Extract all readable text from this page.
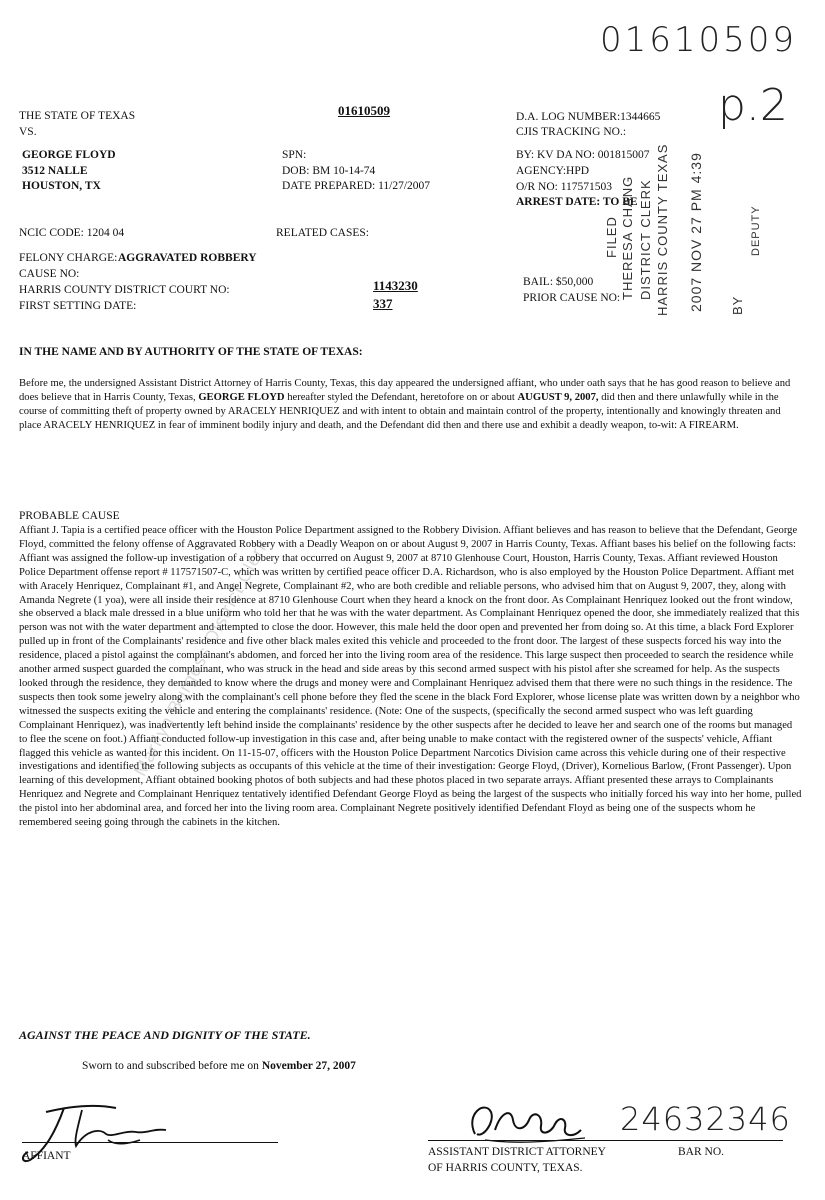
01610509
p.2
THE STATE OF TEXAS
VS.
01610509	D.A. LOG NUMBER:1344665
CJIS TRACKING NO.:
GEORGE FLOYD
3512 NALLE
HOUSTON, TX
SPN:
DOB: BM 10-14-74
DATE PREPARED: 11/27/2007
BY: KV DA NO: 001815007
AGENCY:HPD
O/R NO: 117571503
ARREST DATE: TO BE
NCIC CODE: 1204 04	RELATED CASES:
FELONY CHARGE: AGGRAVATED ROBBERY
CAUSE NO:
HARRIS COUNTY DISTRICT COURT NO:	1143230
FIRST SETTING DATE:	337
BAIL: $50,000
PRIOR CAUSE NO:
FILED THERESA CHANG DISTRICT CLERK HARRIS COUNTY TEXAS 2007 NOV 27 PM 4:39 BY
DEPUTY
Marilyn Burgess District Clerk
IN THE NAME AND BY AUTHORITY OF THE STATE OF TEXAS:
Before me, the undersigned Assistant District Attorney of Harris County, Texas, this day appeared the undersigned affiant, who under oath says that he has good reason to believe and does believe that in Harris County, Texas, GEORGE FLOYD hereafter styled the Defendant, heretofore on or about AUGUST 9, 2007, did then and there unlawfully while in the course of committing theft of property owned by ARACELY HENRIQUEZ and with intent to obtain and maintain control of the property, intentionally and knowingly threaten and place ARACELY HENRIQUEZ in fear of imminent bodily injury and death, and the Defendant did then and there use and exhibit a deadly weapon, to-wit: A FIREARM.
PROBABLE CAUSE
Affiant J. Tapia is a certified peace officer with the Houston Police Department assigned to the Robbery Division. Affiant believes and has reason to believe that the Defendant, George Floyd, committed the felony offense of Aggravated Robbery with a Deadly Weapon on or about August 9, 2007 in Harris County, Texas. Affiant bases his belief on the following facts: Affiant was assigned the follow-up investigation of a robbery that occurred on August 9, 2007 at 8710 Glenhouse Court, Houston, Harris County, Texas. Affiant reviewed Houston Police Department offense report # 117571507-C, which was written by certified peace officer D.A. Richardson, who is also employed by the Houston Police Department. Affiant met with Aracely Henriquez, Complainant #1, and Angel Negrete, Complainant #2, who are both credible and reliable persons, who advised him that on August 9, 2007, they, along with Amanda Negrete (1 yoa), were all inside their residence at 8710 Glenhouse Court when they heard a knock on the front door. As Complainant Henriquez looked out the front window, she observed a black male dressed in a blue uniform who told her that he was with the water department. As Complainant Henriquez opened the door, she immediately realized that this person was not with the water department and attempted to close the door. However, this male held the door open and prevented her from doing so. At this time, a black Ford Explorer pulled up in front of the Complainants' residence and five other black males exited this vehicle and proceeded to the front door. The largest of these suspects forced his way into the residence, placed a pistol against the complainant's abdomen, and forced her into the living room area of the residence. This large suspect then proceeded to search the residence while another armed suspect guarded the complainant, who was struck in the head and side areas by this second armed suspect with his pistol after she screamed for help. As the suspects looked through the residence, they demanded to know where the drugs and money were and Complainant Henriquez advised them that there were no such things in the residence. The suspects then took some jewelry along with the complainant's cell phone before they fled the scene in the black Ford Explorer, whose license plate was written down by a neighbor who witnessed the suspects exiting the vehicle and entering the complainants' residence. (Note: One of the suspects, (specifically the second armed suspect who was left guarding Complainant Henriquez), was inadvertently left behind inside the complainants' residence by the other suspects after he decided to leave her and search one of the rooms but managed to flee the scene on foot.) Affiant conducted follow-up investigation in this case and, after being unable to make contact with the registered owner of the suspects' vehicle, Affiant flagged this vehicle as wanted for this incident. On 11-15-07, officers with the Houston Police Department Narcotics Division came across this vehicle during one of their respective investigations and identified the following subjects as occupants of this vehicle at the time of their investigation: George Floyd, (Driver), Kornelious Barlow, (Front Passenger). Upon learning of this development, Affiant obtained booking photos of both subjects and had these photos placed in two separate arrays. Affiant presented these arrays to Complainants Henriquez and Negrete and Complainant Henriquez tentatively identified Defendant George Floyd as being the largest of the suspects who initially forced his way into her home, pulled the pistol into her abdominal area, and forced her into the living room area. Complainant Negrete positively identified Defendant Floyd as being one of the suspects whom he remembered seeing going through the cabinets in the kitchen.
AGAINST THE PEACE AND DIGNITY OF THE STATE.
Sworn to and subscribed before me on November 27, 2007
AFFIANT
24632346
ASSISTANT DISTRICT ATTORNEY
OF HARRIS COUNTY, TEXAS.
BAR NO.
